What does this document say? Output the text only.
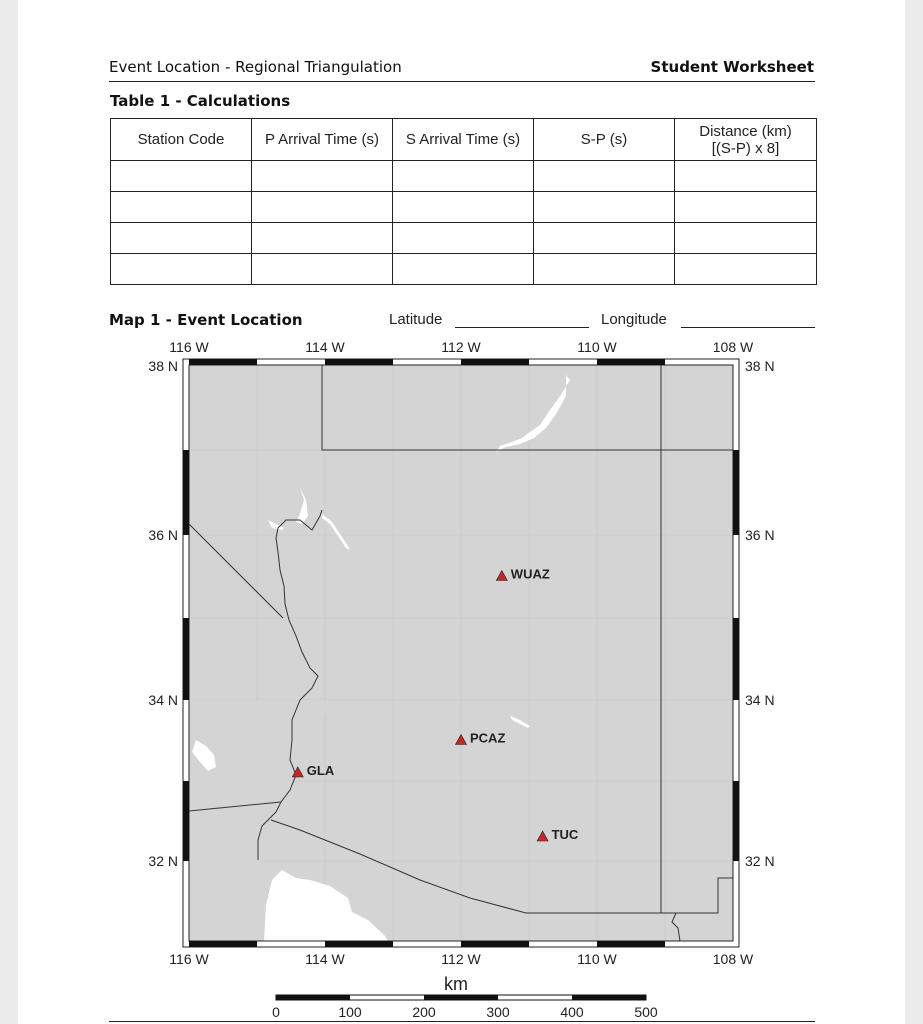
Event Location - Regional Triangulation	Student Worksheet
Table 1 - Calculations
Station Code	P Arrival Time (s)	S Arrival Time (s)	S-P (s)	Distance (km)
[(S-P) x 8]

Map 1 - Event Location	Latitude	Longitude
116 W	114 W	112 W	110 W	108 W
116 W	114 W	112 W	110 W	108 W
38 N
36 N
34 N
32 N
38 N
36 N
34 N
32 N
WUAZ
PCAZ
GLA
TUC
km
0	100	200	300	400	500
